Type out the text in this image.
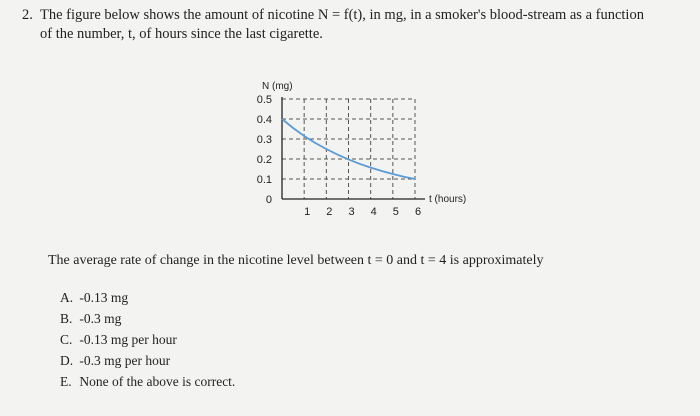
2. The figure below shows the amount of nicotine N = f(t), in mg, in a smoker's blood-stream as a function
of the number, t, of hours since the last cigarette.
0.5
0.4
0.3
0.2
0.1
0
1 2 3 4 5 6
N (mg)
t (hours)
The average rate of change in the nicotine level between t = 0 and t = 4 is approximately
A. -0.13 mg
B. -0.3 mg
C. -0.13 mg per hour
D. -0.3 mg per hour
E. None of the above is correct.
